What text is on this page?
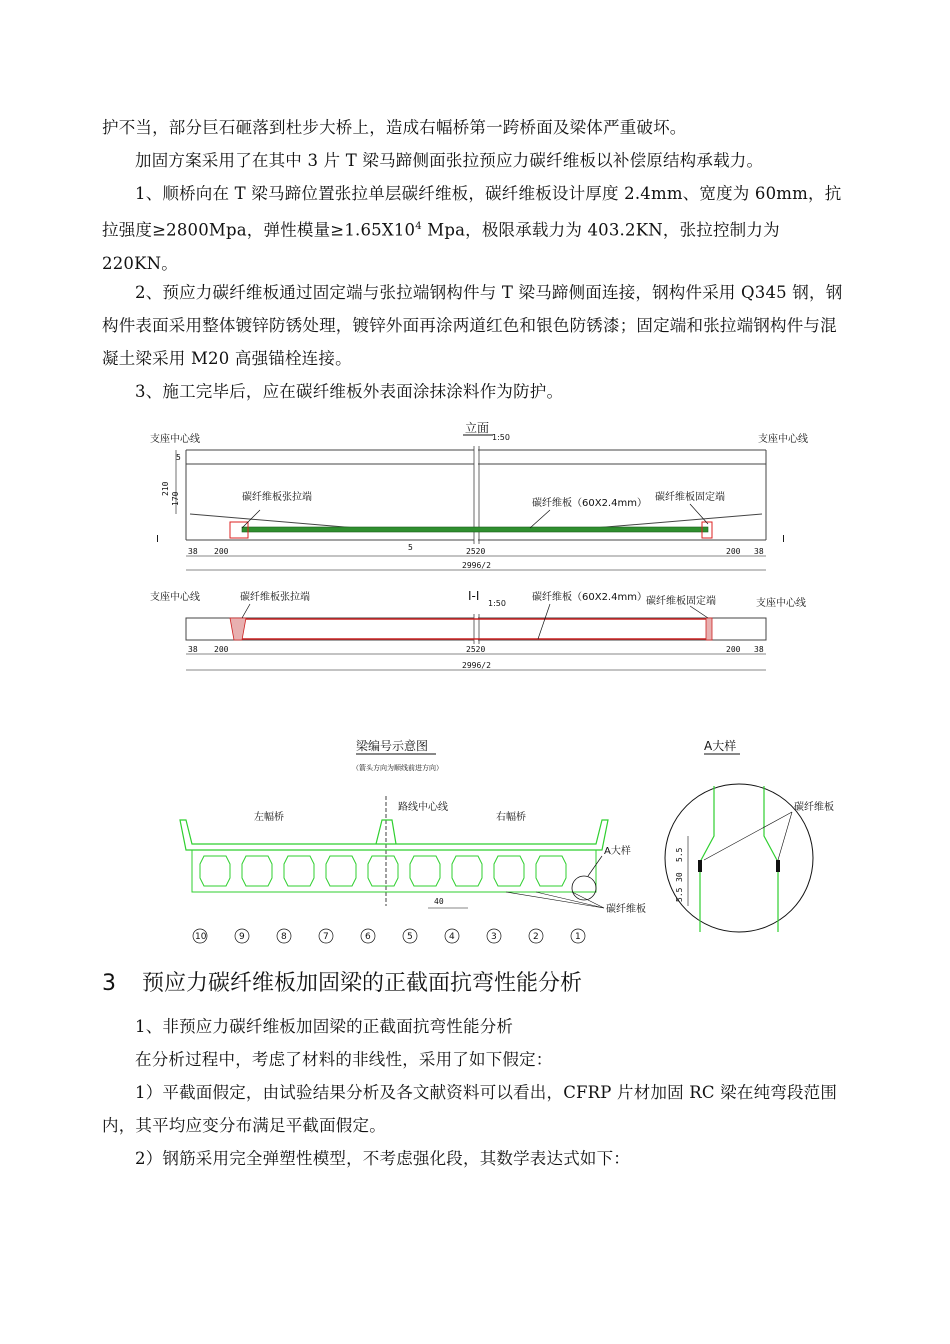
护不当，部分巨石砸落到杜步大桥上，造成右幅桥第一跨桥面及梁体严重破坏。

加固方案采用了在其中 3 片 T 梁马蹄侧面张拉预应力碳纤维板以补偿原结构承载力。

1、顺桥向在 T 梁马蹄位置张拉单层碳纤维板，碳纤维板设计厚度 2.4mm、宽度为 60mm，抗拉强度≥2800Mpa，弹性模量$\ge 1.65X10^4$ Mpa，极限承载力为 403.2KN，张拉控制力为 220KN。

2、预应力碳纤维板通过固定端与张拉端钢构件与 T 梁马蹄侧面连接，钢构件采用 Q345 钢，钢构件表面采用整体镀锌防锈处理，镀锌外面再涂两道红色和银色防锈漆；固定端和张拉端钢构件与混凝土梁采用 M20 高强锚栓连接。

3、施工完毕后，应在碳纤维板外表面涂抹涂料作为防护。

立面
1:50
支座中心线	支座中心线
碳纤维板张拉端
碳纤维板（60X2.4mm）
碳纤维板固定端
I	I
210
170
5
5
38 200	2520	200 38
2996/2
支座中心线	碳纤维板张拉端	I-I
1:50
碳纤维板（60X2.4mm） 碳纤维板固定端	支座中心线
38 200	2520	200 38
2996/2
梁编号示意图
（箭头方向为顺线前进方向）
左幅桥
路线中心线
右幅桥
A大样
碳纤维板
40
10	9	8	7	6	5	4	3	2	1
A大样
碳纤维板
5.5
30
5.5
3 预应力碳纤维板加固梁的正截面抗弯性能分析

1、非预应力碳纤维板加固梁的正截面抗弯性能分析

在分析过程中，考虑了材料的非线性，采用了如下假定：

1）平截面假定，由试验结果分析及各文献资料可以看出，CFRP 片材加固 RC 梁在纯弯段范围内，其平均应变分布满足平截面假定。

2）钢筋采用完全弹塑性模型，不考虑强化段，其数学表达式如下：
